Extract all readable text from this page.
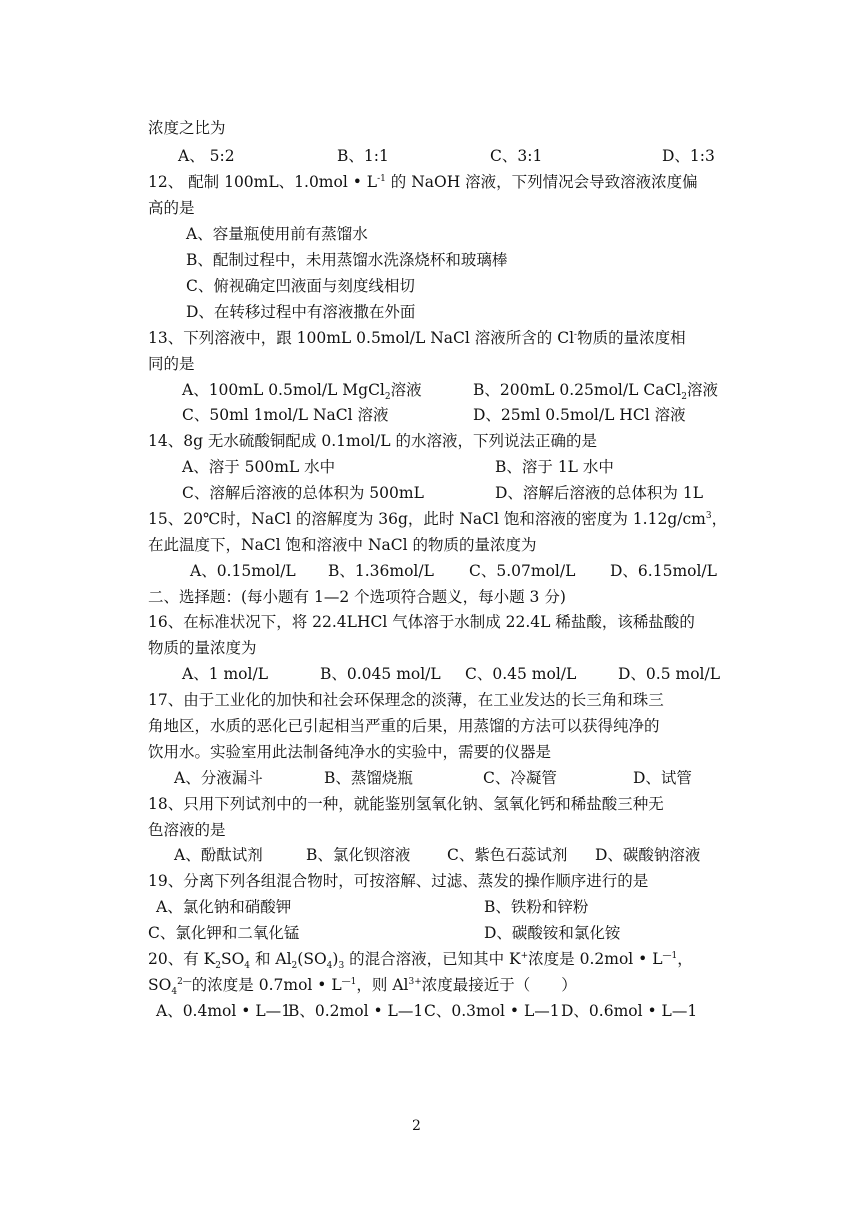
浓度之比为
A、 5:2	B、1:1	C、3:1	D、1:3
12、 配制 100mL、1.0mol • $L^{-1}$ 的 NaOH 溶液，下列情况会导致溶液浓度偏
高的是
A、容量瓶使用前有蒸馏水
B、配制过程中，未用蒸馏水洗涤烧杯和玻璃棒
C、俯视确定凹液面与刻度线相切
D、在转移过程中有溶液撒在外面
13、下列溶液中，跟 100mL 0.5mol/L NaCl 溶液所含的 Cl-物质的量浓度相
同的是
A、100mL 0.5mol/L MgCl$_2$溶液	B、200mL 0.25mol/L CaCl$_2$溶液
C、50ml 1mol/L NaCl 溶液	D、25ml 0.5mol/L HCl 溶液
14、8g 无水硫酸铜配成 0.1mol/L 的水溶液，下列说法正确的是
A、溶于 500mL 水中	B、溶于 1L 水中
C、溶解后溶液的总体积为 500mL	D、溶解后溶液的总体积为 1L
15、20℃时，NaCl 的溶解度为 36g，此时 NaCl 饱和溶液的密度为 $1.12g/cm^3$，
在此温度下，NaCl 饱和溶液中 NaCl 的物质的量浓度为
A、0.15mol/L B、1.36mol/L C、5.07mol/L D、6.15mol/L
二、选择题：(每小题有 1—2 个选项符合题义，每小题 3 分)
16、在标准状况下，将 22.4LHCl 气体溶于水制成 22.4L 稀盐酸，该稀盐酸的
物质的量浓度为
A、1 mol/L	B、0.045 mol/L C、0.45 mol/L	D、0.5 mol/L
17、由于工业化的加快和社会环保理念的淡薄，在工业发达的长三角和珠三
角地区，水质的恶化已引起相当严重的后果，用蒸馏的方法可以获得纯净的
饮用水。实验室用此法制备纯净水的实验中，需要的仪器是
A、分液漏斗	B、蒸馏烧瓶	C、冷凝管	D、试管
18、只用下列试剂中的一种，就能鉴别氢氧化钠、氢氧化钙和稀盐酸三种无
色溶液的是
A、酚酞试剂	B、氯化钡溶液 C、紫色石蕊试剂 D、碳酸钠溶液
19、分离下列各组混合物时，可按溶解、过滤、蒸发的操作顺序进行的是
A、氯化钠和硝酸钾	B、铁粉和锌粉
C、氯化钾和二氧化锰	D、碳酸铵和氯化铵
20、有 $K_2SO_4$ 和 $Al_2(SO_4)_3$ 的混合溶液，已知其中 K+浓度是 0.2mol • $L^{—1}$，
$SO_4^{2—}$的浓度是 0.7mol • $L^{—1}$，则 $Al^{3+}$浓度最接近于（　　）
A、0.4mol • L—1
B、0.2mol • L—1 C、0.3mol • L—1 D、0.6mol • L—1
2
